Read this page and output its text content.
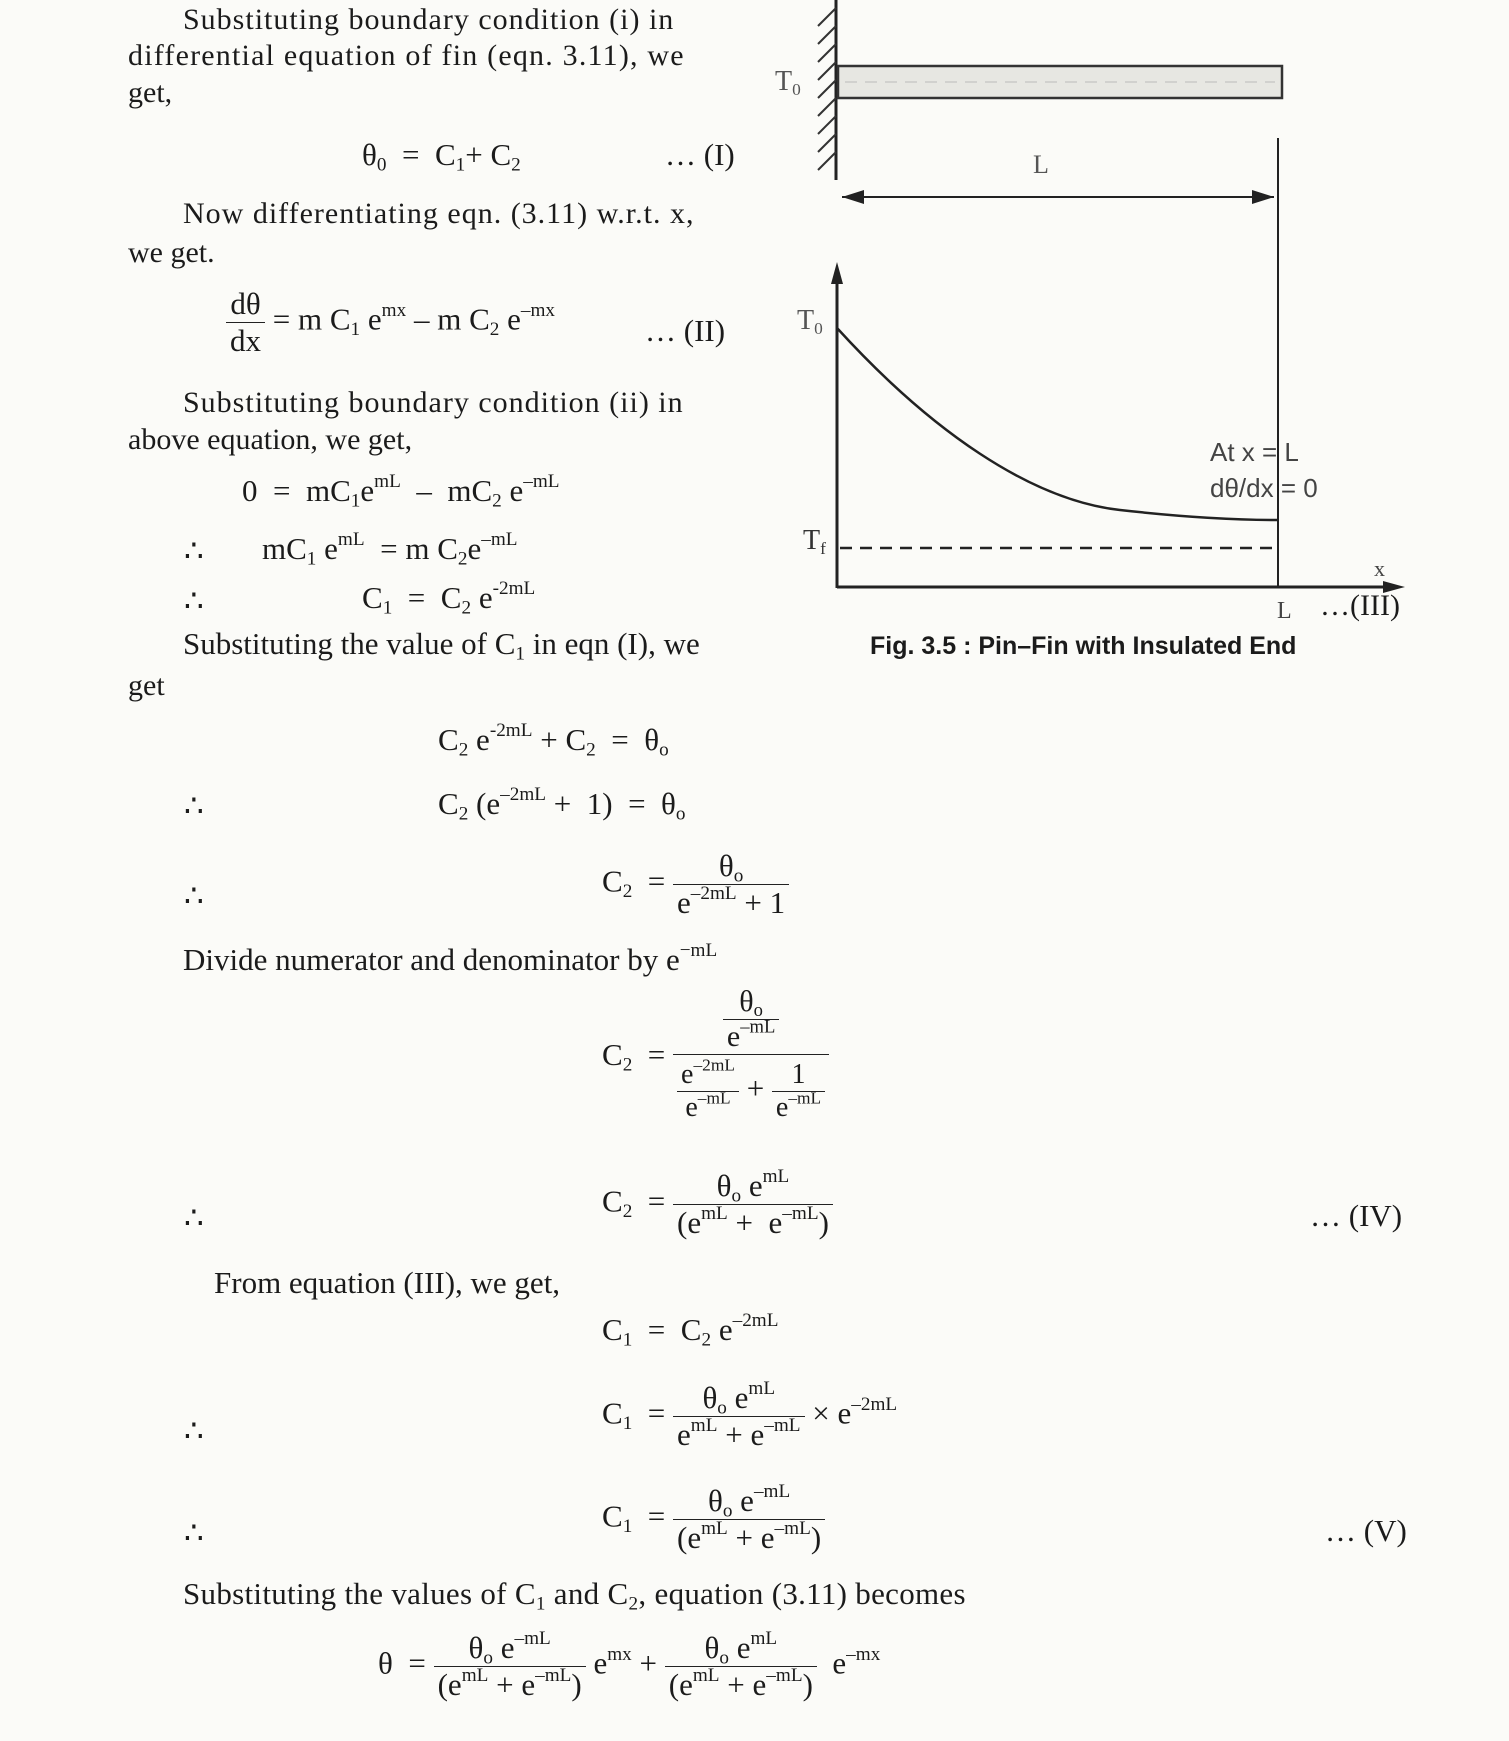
Substituting boundary condition (i) in
differential equation of fin (eqn. 3.11), we
get,
$\theta_0 = C_1+ C_2$	… (I)
Now differentiating eqn. (3.11) w.r.t. x,
we get.
$\frac{d\theta}{dx} = m$ $C_1$ $e^{mx}$ – m $C_2$ $e^{-mx}$
… (II)
Substituting boundary condition (ii) in
above equation, we get,
$0 = mC_1e^{mL} - mC_2$ $e^{-mL}$
∴ $mC_1$ $e^{mL} = m$ $C_2e^{-mL}$
∴	$C_1 = C_2$ $e^{-2mL}$
Substituting the value of $C_1$ in eqn (I), we
get
$C_2$ $e^{-2mL} + C_2 = \theta_o$
∴	$C_2$ $(e^{-2mL} + 1) = \theta_o$
∴	$C_2 = \frac{\theta_o}{e^{-2mL} + 1}$
Divide numerator and denominator by $e^{-mL}$
$C_2 = \frac{\frac{\theta_o}{e^{-mL}}}{\frac{e^{-2mL}}{e^{-mL}} + \frac{1}{e^{-mL}}}$
∴	$C_2 = \frac{\theta_o e^{mL}}{(e^{mL} + e^{-mL})}$	… (IV)
From equation (III), we get,
$C_1 = C_2$ $e^{-2mL}$
∴	$C_1 = \frac{\theta_o e^{mL}}{e^{mL} + e^{-mL}} \times e^{-2mL}$
∴	$C_1 = \frac{\theta_o e^{-mL}}{(e^{mL} + e^{-mL})}$	… (V)
Substituting the values of $C_1$ and $C_2$, equation (3.11) becomes
$\theta = \frac{\theta_o e^{-mL}}{(e^{mL} + e^{-mL})} e^{mx} + \frac{\theta_o e^{mL}}{(e^{mL} + e^{-mL})} e^{-mx}$
$T_0$
L
$T_0$
$T_f$
At x = L
dθ/dx = 0
x
L …(III)
Fig. 3.5 : Pin–Fin with Insulated End
